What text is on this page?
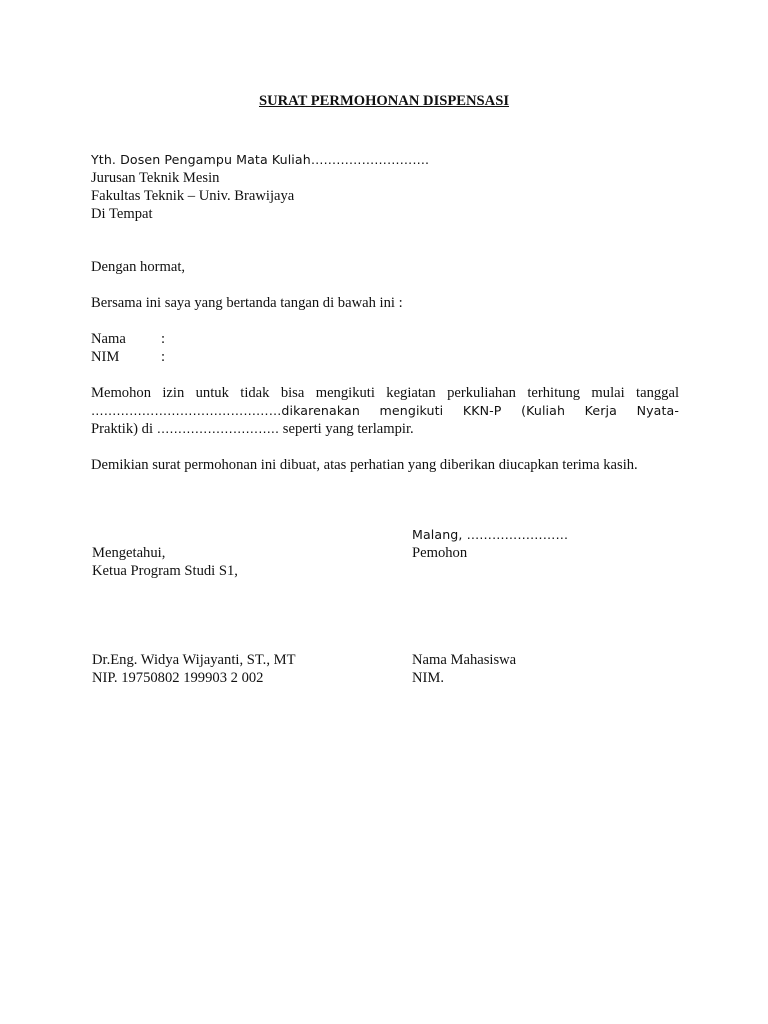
SURAT PERMOHONAN DISPENSASI
Yth. Dosen Pengampu Mata Kuliah……………………….
Jurusan Teknik Mesin
Fakultas Teknik – Univ. Brawijaya
Di Tempat
Dengan hormat,
Bersama ini saya yang bertanda tangan di bawah ini :
Nama	:
NIM	:
Memohon izin untuk tidak bisa mengikuti kegiatan perkuliahan terhitung mulai tanggal
………………………………………dikarenakan mengikuti KKN-P (Kuliah Kerja Nyata-
Praktik) di ……………………….. seperti yang terlampir.
Demikian surat permohonan ini dibuat, atas perhatian yang diberikan diucapkan terima kasih.
Malang, ……………………
Pemohon
Mengetahui,
Ketua Program Studi S1,
Dr.Eng. Widya Wijayanti, ST., MT
NIP. 19750802 199903 2 002
Nama Mahasiswa
NIM.
